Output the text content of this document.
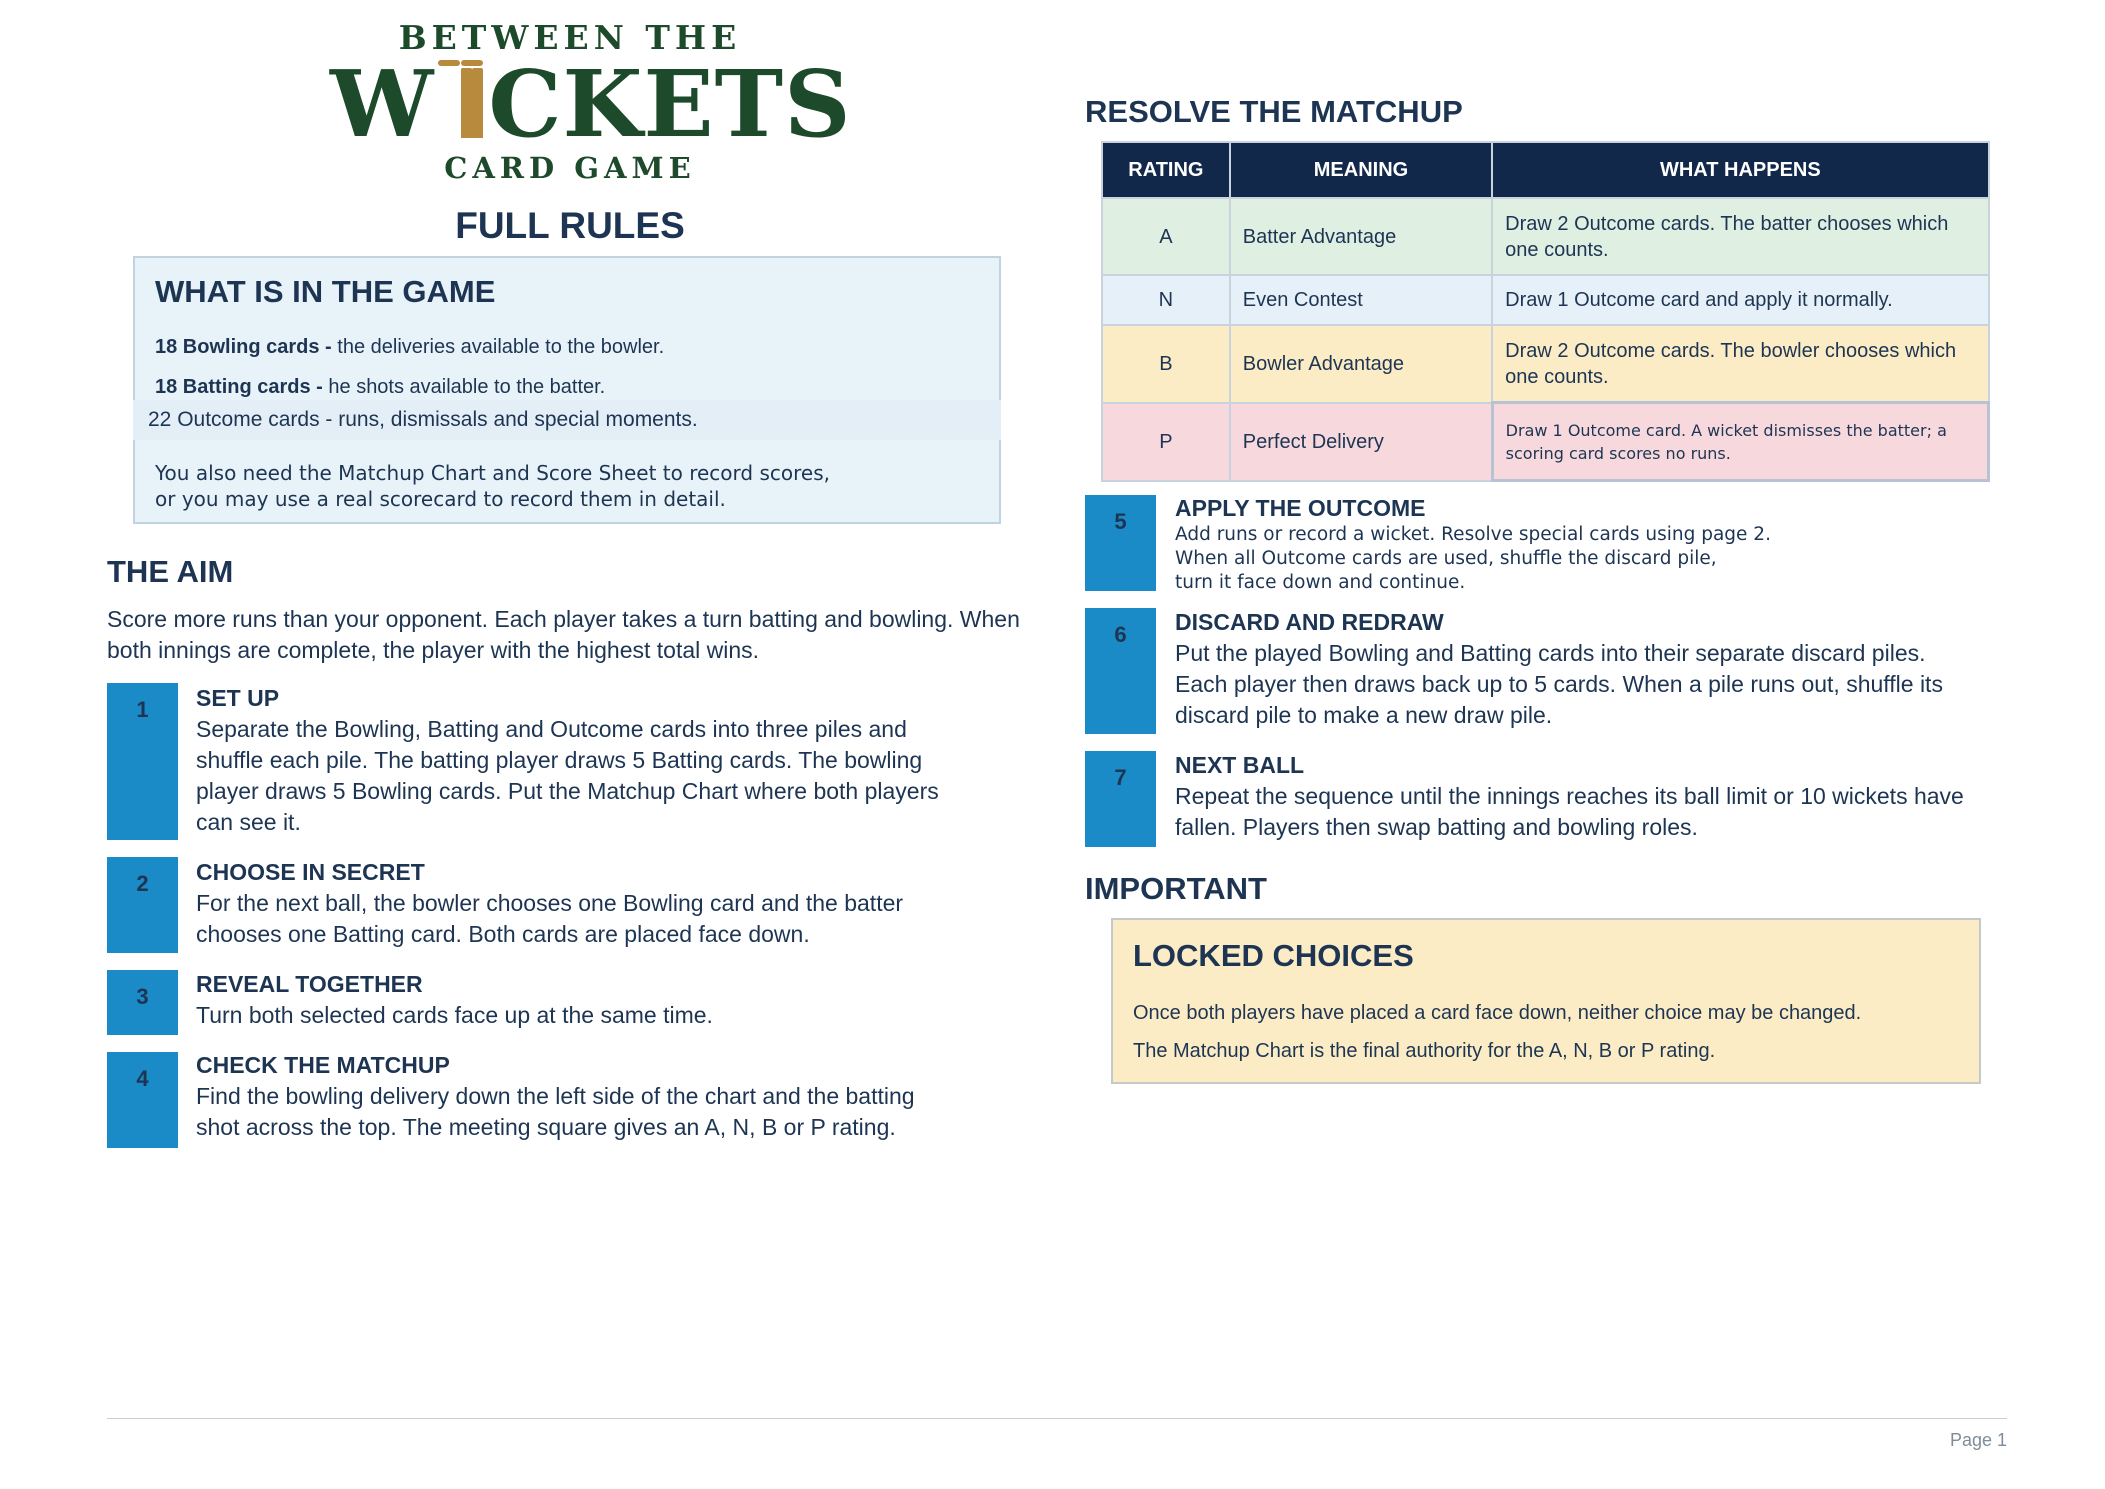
BETWEEN THE
W CKETS
CARD GAME
FULL RULES
WHAT IS IN THE GAME
18 Bowling cards - the deliveries available to the bowler.
18 Batting cards - he shots available to the batter.
22 Outcome cards - runs, dismissals and special moments.
You also need the Matchup Chart and Score Sheet to record scores,
or you may use a real scorecard to record them in detail.
THE AIM
Score more runs than your opponent. Each player takes a turn batting and bowling. When both innings are complete, the player with the highest total wins.
1	SET UP
Separate the Bowling, Batting and Outcome cards into three piles and shuffle each pile. The batting player draws 5 Batting cards. The bowling player draws 5 Bowling cards. Put the Matchup Chart where both players can see it.
2	CHOOSE IN SECRET
For the next ball, the bowler chooses one Bowling card and the batter chooses one Batting card. Both cards are placed face down.
3	REVEAL TOGETHER
Turn both selected cards face up at the same time.
4
CHECK THE MATCHUP
Find the bowling delivery down the left side of the chart and the batting shot across the top. The meeting square gives an A, N, B or P rating.
RESOLVE THE MATCHUP
RATING	MEANING	WHAT HAPPENS
A	Batter Advantage	Draw 2 Outcome cards. The batter chooses which one counts.
N	Even Contest	Draw 1 Outcome card and apply it normally.
B	Bowler Advantage	Draw 2 Outcome cards. The bowler chooses which one counts.
P	Perfect Delivery	Draw 1 Outcome card. A wicket dismisses the batter; a scoring card scores no runs.
5
APPLY THE OUTCOME
Add runs or record a wicket. Resolve special cards using page 2.
When all Outcome cards are used, shuffle the discard pile,
turn it face down and continue.
6	DISCARD AND REDRAW
Put the played Bowling and Batting cards into their separate discard piles. Each player then draws back up to 5 cards. When a pile runs out, shuffle its discard pile to make a new draw pile.
7	NEXT BALL
Repeat the sequence until the innings reaches its ball limit or 10 wickets have fallen. Players then swap batting and bowling roles.
IMPORTANT
LOCKED CHOICES

Once both players have placed a card face down, neither choice may be changed.

The Matchup Chart is the final authority for the A, N, B or P rating.

Page 1
